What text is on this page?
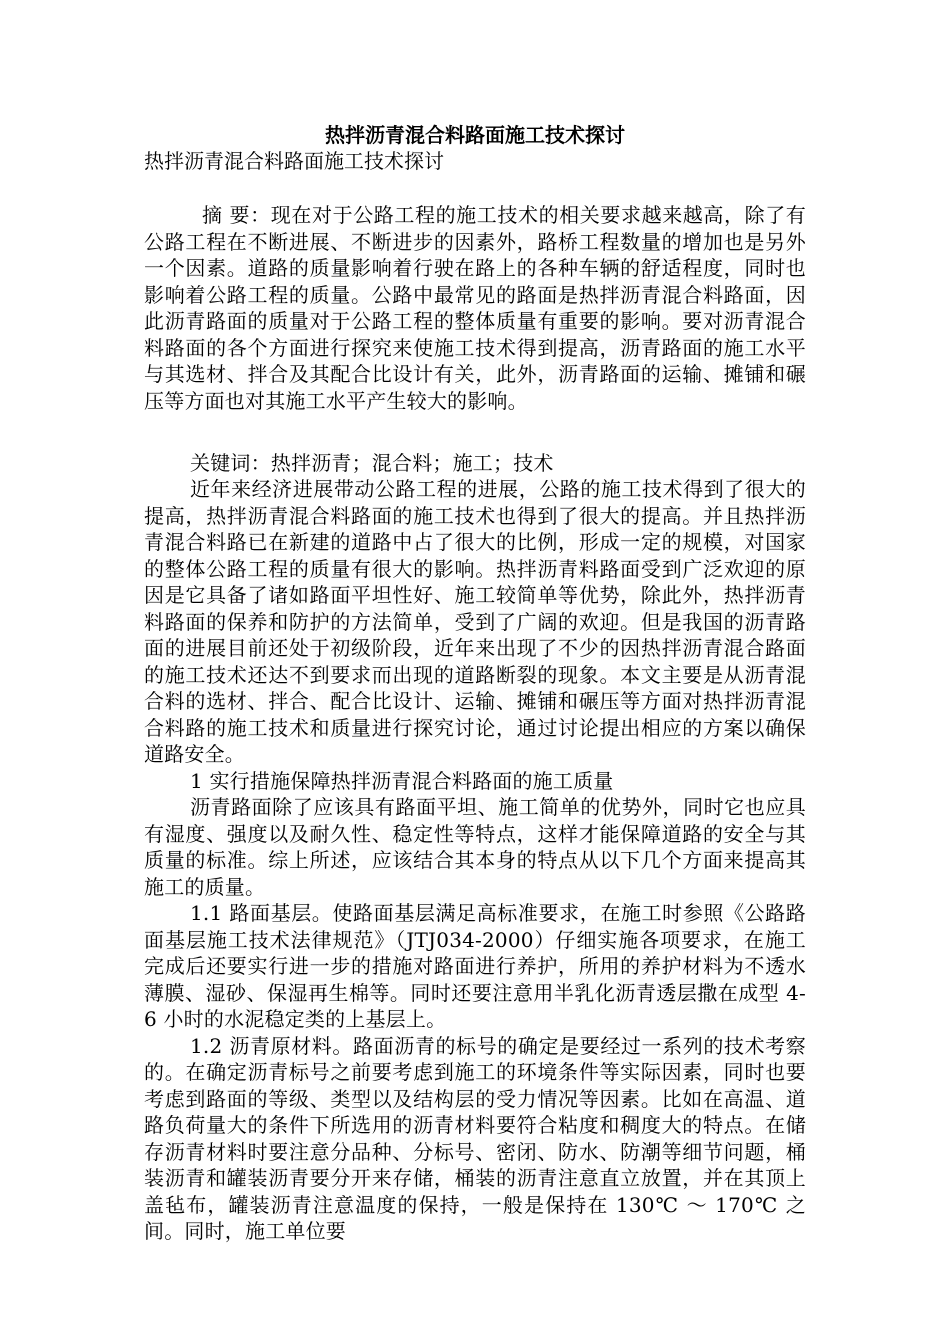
热拌沥青混合料路面施工技术探讨
热拌沥青混合料路面施工技术探讨

摘 要：现在对于公路工程的施工技术的相关要求越来越高，除了有公路工程在不断进展、不断进步的因素外，路桥工程数量的增加也是另外一个因素。道路的质量影响着行驶在路上的各种车辆的舒适程度，同时也影响着公路工程的质量。公路中最常见的路面是热拌沥青混合料路面，因此沥青路面的质量对于公路工程的整体质量有重要的影响。要对沥青混合料路面的各个方面进行探究来使施工技术得到提高，沥青路面的施工水平与其选材、拌合及其配合比设计有关，此外，沥青路面的运输、摊铺和碾压等方面也对其施工水平产生较大的影响。

关键词：热拌沥青；混合料；施工；技术

近年来经济进展带动公路工程的进展，公路的施工技术得到了很大的提高，热拌沥青混合料路面的施工技术也得到了很大的提高。并且热拌沥青混合料路已在新建的道路中占了很大的比例，形成一定的规模，对国家的整体公路工程的质量有很大的影响。热拌沥青料路面受到广泛欢迎的原因是它具备了诸如路面平坦性好、施工较简单等优势，除此外，热拌沥青料路面的保养和防护的方法简单，受到了广阔的欢迎。但是我国的沥青路面的进展目前还处于初级阶段，近年来出现了不少的因热拌沥青混合路面的施工技术还达不到要求而出现的道路断裂的现象。本文主要是从沥青混合料的选材、拌合、配合比设计、运输、摊铺和碾压等方面对热拌沥青混合料路的施工技术和质量进行探究讨论，通过讨论提出相应的方案以确保道路安全。

1 实行措施保障热拌沥青混合料路面的施工质量

沥青路面除了应该具有路面平坦、施工简单的优势外，同时它也应具有湿度、强度以及耐久性、稳定性等特点，这样才能保障道路的安全与其质量的标准。综上所述，应该结合其本身的特点从以下几个方面来提高其施工的质量。

1.1 路面基层。使路面基层满足高标准要求，在施工时参照《公路路面基层施工技术法律规范》（JTJ034-2000）仔细实施各项要求，在施工完成后还要实行进一步的措施对路面进行养护，所用的养护材料为不透水薄膜、湿砂、保湿再生棉等。同时还要注意用半乳化沥青透层撒在成型 4-6 小时的水泥稳定类的上基层上。

1.2 沥青原材料。路面沥青的标号的确定是要经过一系列的技术考察的。在确定沥青标号之前要考虑到施工的环境条件等实际因素，同时也要考虑到路面的等级、类型以及结构层的受力情况等因素。比如在高温、道路负荷量大的条件下所选用的沥青材料要符合粘度和稠度大的特点。在储存沥青材料时要注意分品种、分标号、密闭、防水、防潮等细节问题，桶装沥青和罐装沥青要分开来存储，桶装的沥青注意直立放置，并在其顶上盖毡布，罐装沥青注意温度的保持，一般是保持在 130℃ ～ 170℃ 之间。同时，施工单位要
